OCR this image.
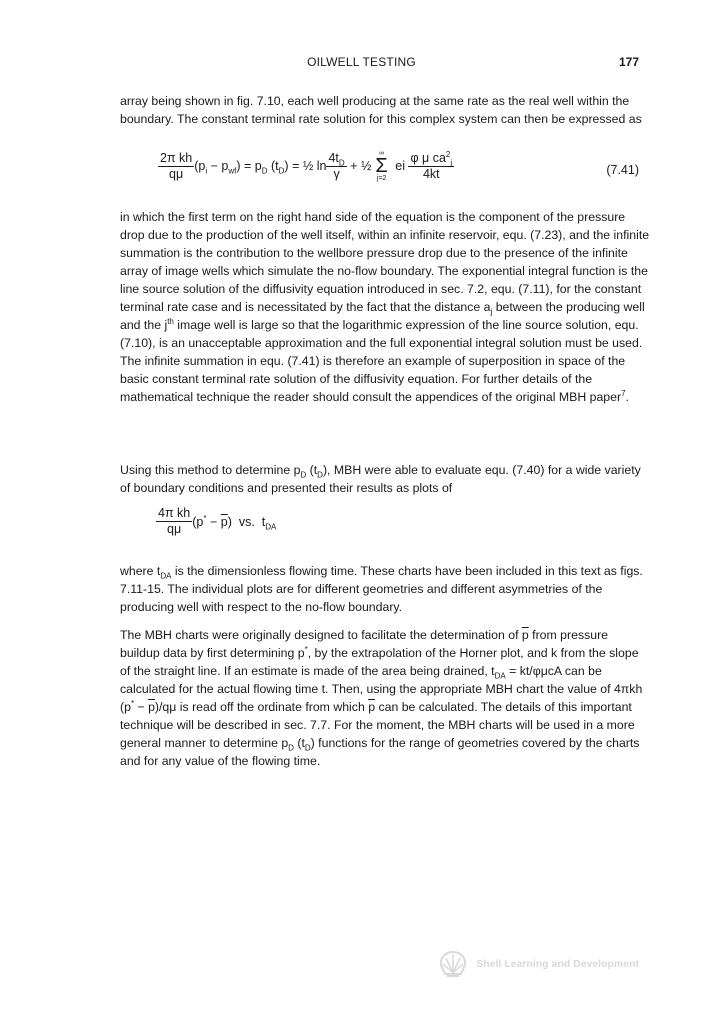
OILWELL TESTING	177

array being shown in fig. 7.10, each well producing at the same rate as the real well within the boundary. The constant terminal rate solution for this complex system can then be expressed as

$\frac{\text{2π kh}}{q\mu} (p_i - p_{wf}) = p_D$ $(t_D)$ = ½ $\ln \frac{4t_D}{\gamma}$ + ½
∞
Σ
j=2
ei $\frac{\varphi \mu ca^2_j}{4kt}$	(7.41)

in which the first term on the right hand side of the equation is the component of the pressure drop due to the production of the well itself, within an infinite reservoir, equ. (7.23), and the infinite summation is the contribution to the wellbore pressure drop due to the presence of the infinite array of image wells which simulate the no-flow boundary. The exponential integral function is the line source solution of the diffusivity equation introduced in sec. 7.2, equ. (7.11), for the constant terminal rate case and is necessitated by the fact that the distance $a_j$ between the producing well and the $j^{th}$ image well is large so that the logarithmic expression of the line source solution, equ. (7.10), is an unacceptable approximation and the full exponential integral solution must be used. The infinite summation in equ. (7.41) is therefore an example of superposition in space of the basic constant terminal rate solution of the diffusivity equation. For further details of the mathematical technique the reader should consult the appendices of the original MBH paper$^7$.

Using this method to determine $p_D$ $(t_D)$, MBH were able to evaluate equ. (7.40) for a wide variety of boundary conditions and presented their results as plots of

$\frac{\text{4π kh}}{q\mu} (p^* - \overline{p})$ vs.  $t_{DA}$

where $t_{DA}$ is the dimensionless flowing time. These charts have been included in this text as figs. 7.11-15. The individual plots are for different geometries and different asymmetries of the producing well with respect to the no-flow boundary.

The MBH charts were originally designed to facilitate the determination of $\overline{p}$ from pressure buildup data by first determining p*, by the extrapolation of the Horner plot, and k from the slope of the straight line. If an estimate is made of the area being drained, $t_{DA} = kt/\varphi\mu cA$ can be calculated for the actual flowing time t. Then, using the appropriate MBH chart the value of 4πkh $(p^* - \overline{p})/q\mu$ is read off the ordinate from which $\overline{p}$ can be calculated. The details of this important technique will be described in sec. 7.7. For the moment, the MBH charts will be used in a more general manner to determine $p_D$ $(t_D)$ functions for the range of geometries covered by the charts and for any value of the flowing time.

Shell Learning and Development
